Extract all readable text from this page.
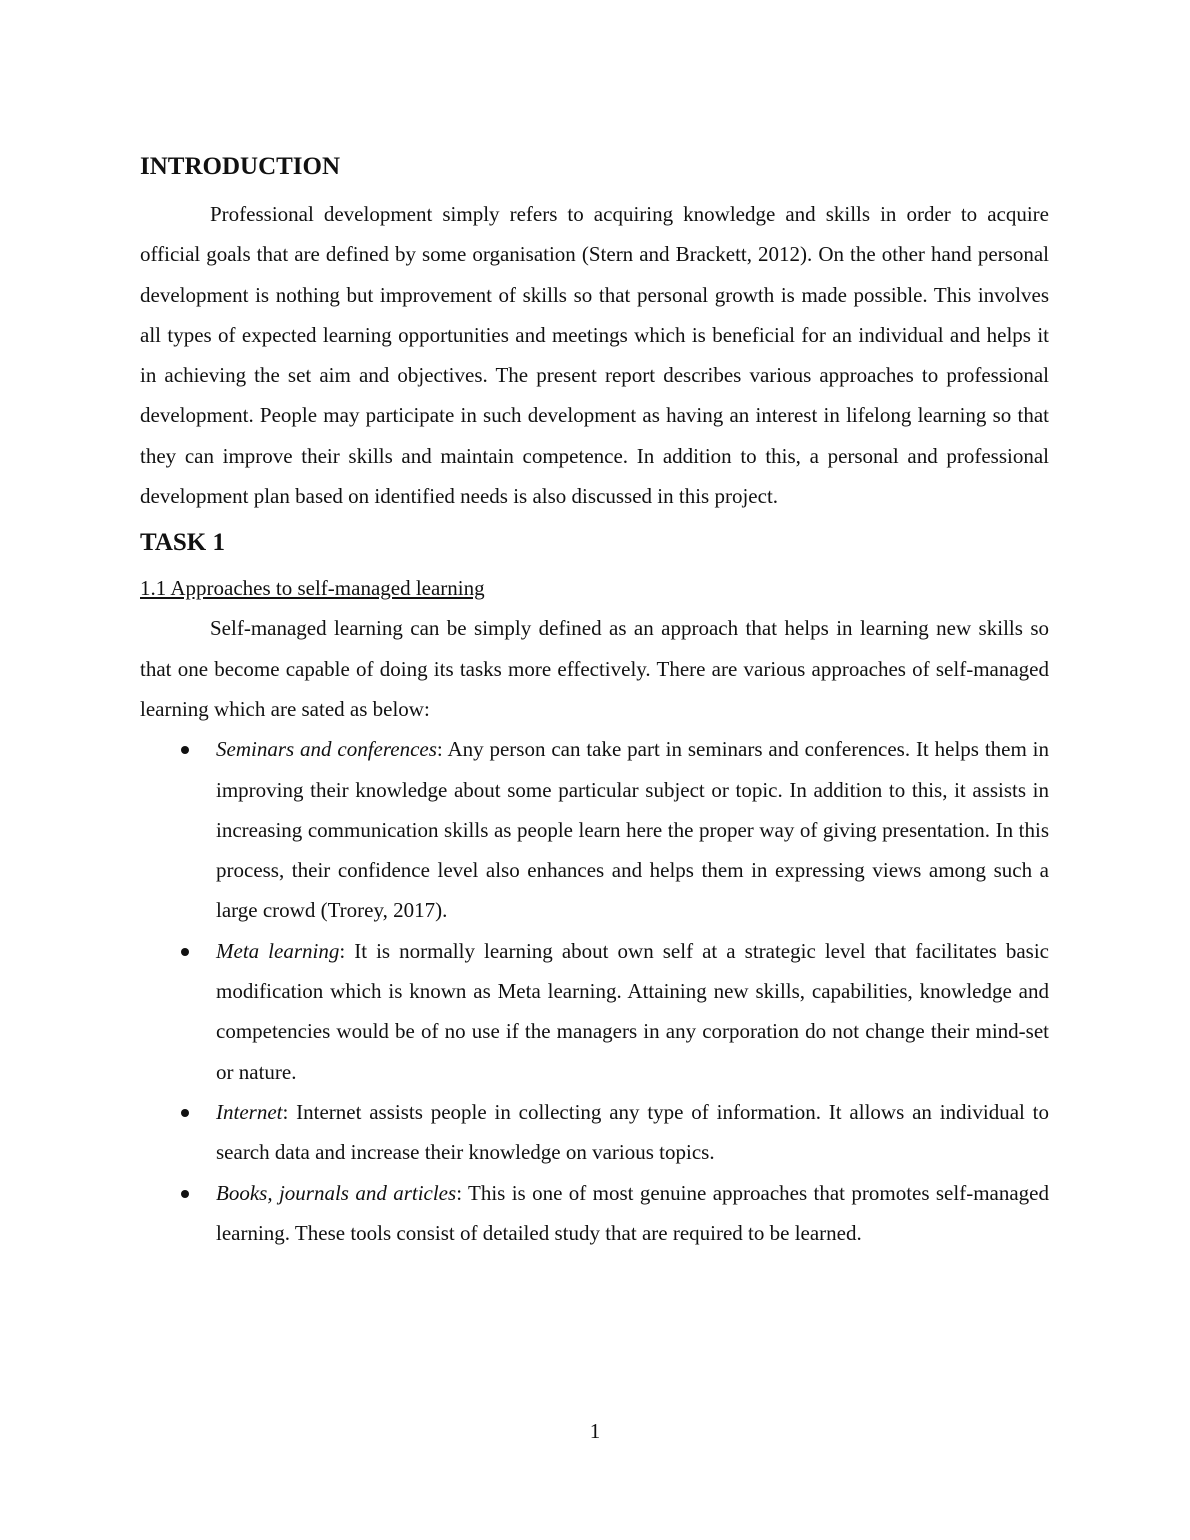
INTRODUCTION

Professional development simply refers to acquiring knowledge and skills in order to acquire official goals that are defined by some organisation (Stern and Brackett, 2012). On the other hand personal development is nothing but improvement of skills so that personal growth is made possible. This involves all types of expected learning opportunities and meetings which is beneficial for an individual and helps it in achieving the set aim and objectives. The present report describes various approaches to professional development. People may participate in such development as having an interest in lifelong learning so that they can improve their skills and maintain competence. In addition to this, a personal and professional development plan based on identified needs is also discussed in this project.

TASK 1
1.1 Approaches to self-managed learning

Self-managed learning can be simply defined as an approach that helps in learning new skills so that one become capable of doing its tasks more effectively. There are various approaches of self-managed learning which are sated as below:

Seminars and conferences: Any person can take part in seminars and conferences. It helps them in improving their knowledge about some particular subject or topic. In addition to this, it assists in increasing communication skills as people learn here the proper way of giving presentation. In this process, their confidence level also enhances and helps them in expressing views among such a large crowd (Trorey, 2017).
Meta learning: It is normally learning about own self at a strategic level that facilitates basic modification which is known as Meta learning. Attaining new skills, capabilities, knowledge and competencies would be of no use if the managers in any corporation do not change their mind-set or nature.
Internet: Internet assists people in collecting any type of information. It allows an individual to search data and increase their knowledge on various topics.
Books, journals and articles: This is one of most genuine approaches that promotes self-managed learning. These tools consist of detailed study that are required to be learned.
1
